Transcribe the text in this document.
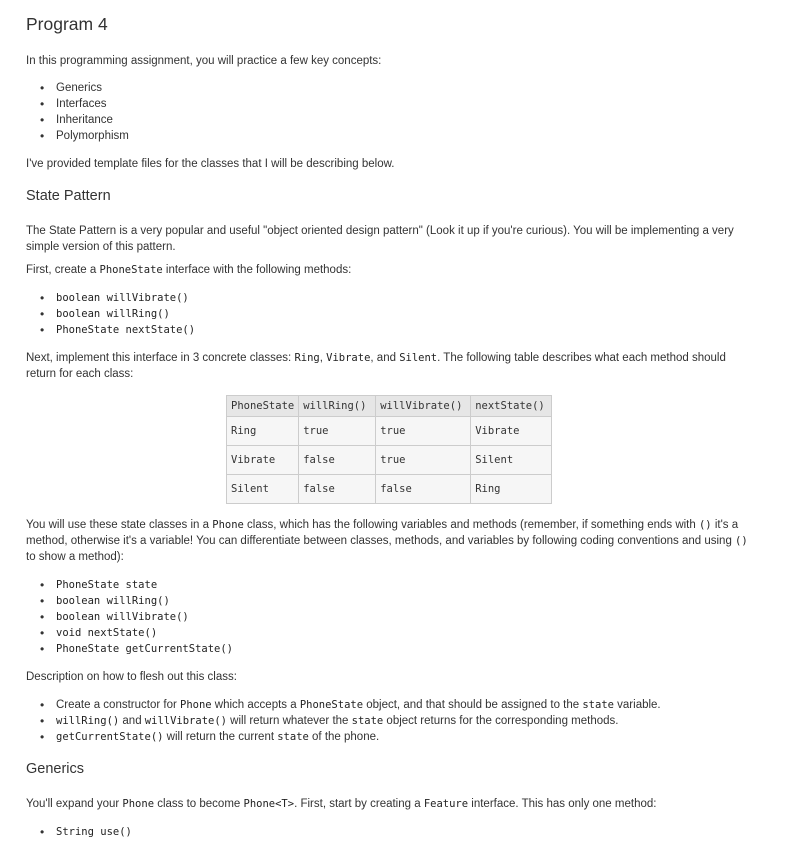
Program 4

In this programming assignment, you will practice a few key concepts:

• Generics
• Interfaces
• Inheritance
• Polymorphism

I've provided template files for the classes that I will be describing below.

State Pattern

The State Pattern is a very popular and useful "object oriented design pattern" (Look it up if you're curious). You will be implementing a very simple version of this pattern.

First, create a PhoneState interface with the following methods:

• boolean willVibrate()
• boolean willRing()
• PhoneState nextState()

Next, implement this interface in 3 concrete classes: Ring, Vibrate, and Silent. The following table describes what each method should return for each class:

PhoneState	willRing()	willVibrate()	nextState()
Ring	true	true	Vibrate
Vibrate	false	true	Silent
Silent	false	false	Ring

You will use these state classes in a Phone class, which has the following variables and methods (remember, if something ends with () it's a method, otherwise it's a variable! You can differentiate between classes, methods, and variables by following coding conventions and using () to show a method):

• PhoneState state
• boolean willRing()
• boolean willVibrate()
• void nextState()
• PhoneState getCurrentState()

Description on how to flesh out this class:

• Create a constructor for Phone which accepts a PhoneState object, and that should be assigned to the state variable.
• willRing() and willVibrate() will return whatever the state object returns for the corresponding methods.
• getCurrentState() will return the current state of the phone.
Generics

You'll expand your Phone class to become Phone<T>. First, start by creating a Feature interface. This has only one method:

• String use()
